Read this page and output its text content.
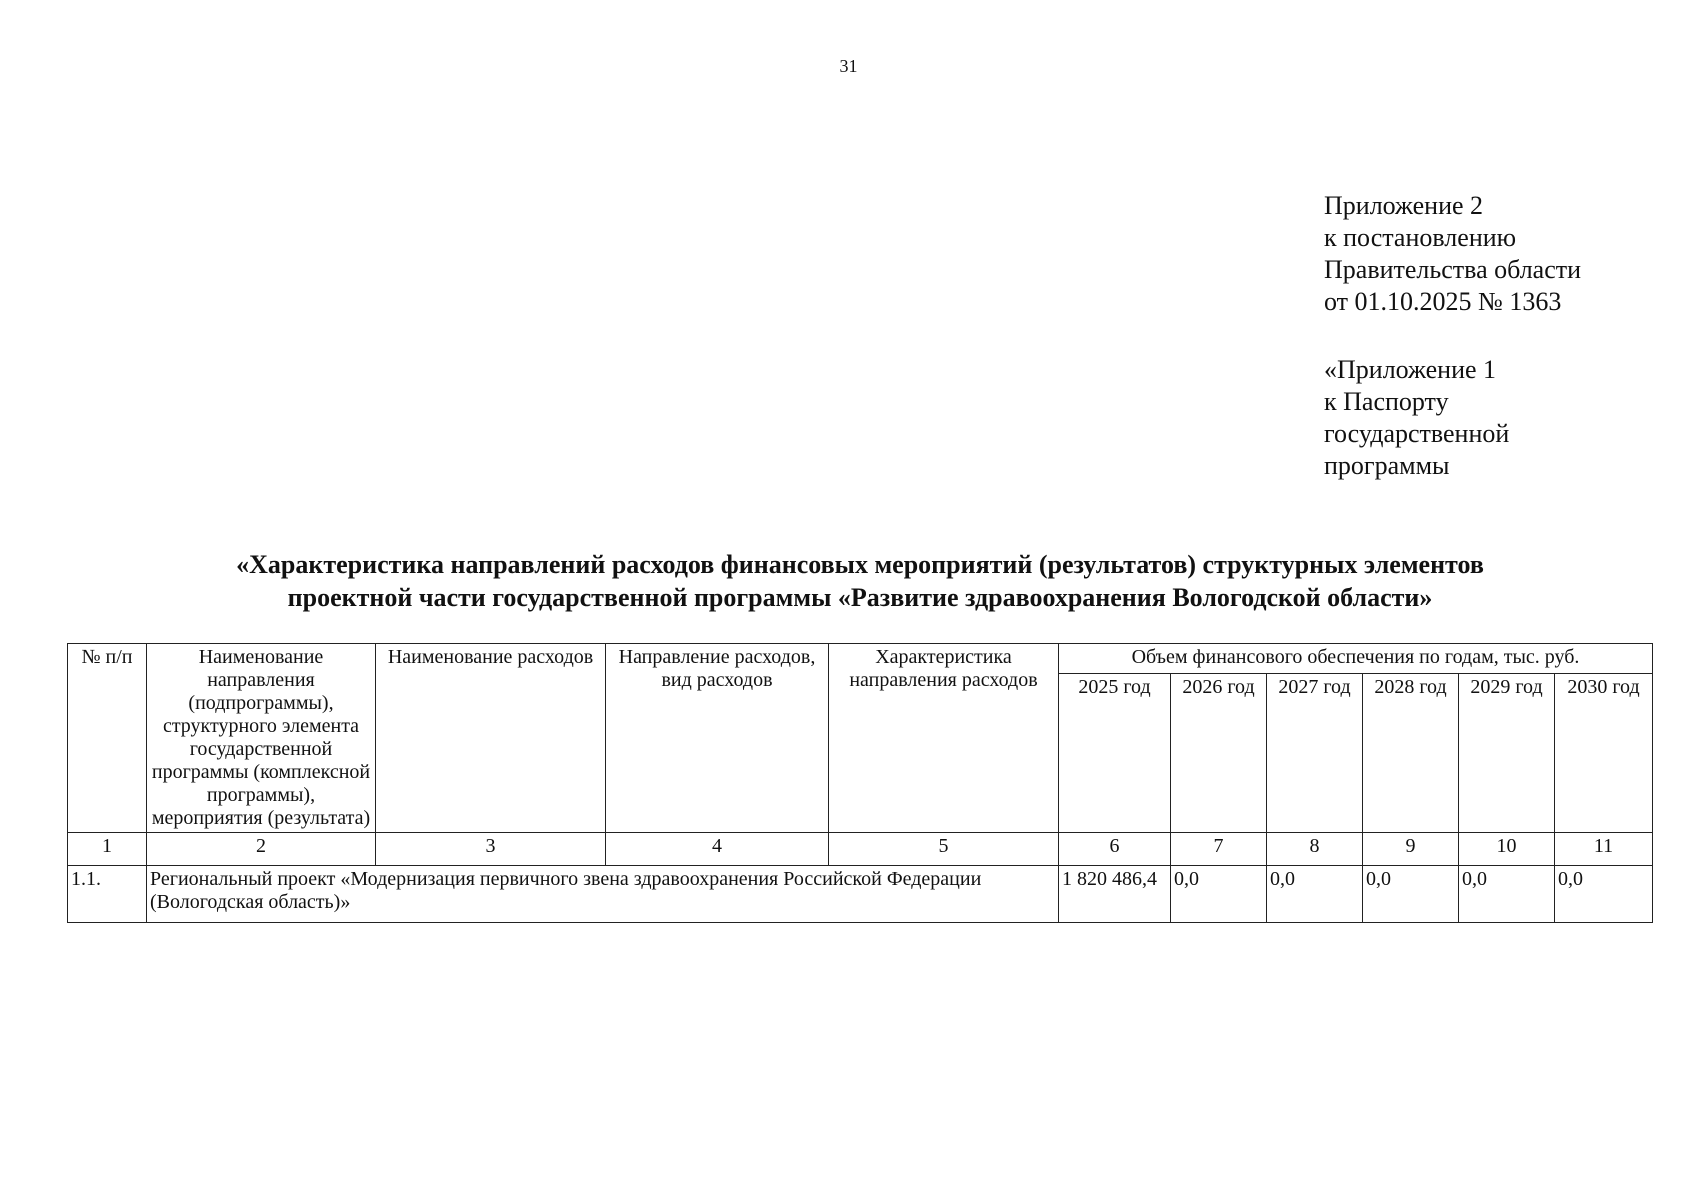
31
Приложение 2
к постановлению
Правительства области
от 01.10.2025 № 1363
«Приложение 1
к Паспорту
государственной
программы
«Характеристика направлений расходов финансовых мероприятий (результатов) структурных элементов
проектной части государственной программы «Развитие здравоохранения Вологодской области»
№ п/п	Наименование направления (подпрограммы), структурного элемента государственной программы (комплексной программы), мероприятия (результата)	Наименование расходов	Направление расходов, вид расходов	Характеристика направления расходов	Объем финансового обеспечения по годам, тыс. руб.					
					2025 год	2026 год	2027 год	2028 год	2029 год	2030 год
1	2	3	4	5	6	7	8	9	10	11
1.1.	Региональный проект «Модернизация первичного звена здравоохранения Российской Федерации (Вологодская область)»				1 820 486,4	0,0	0,0	0,0	0,0	0,0
